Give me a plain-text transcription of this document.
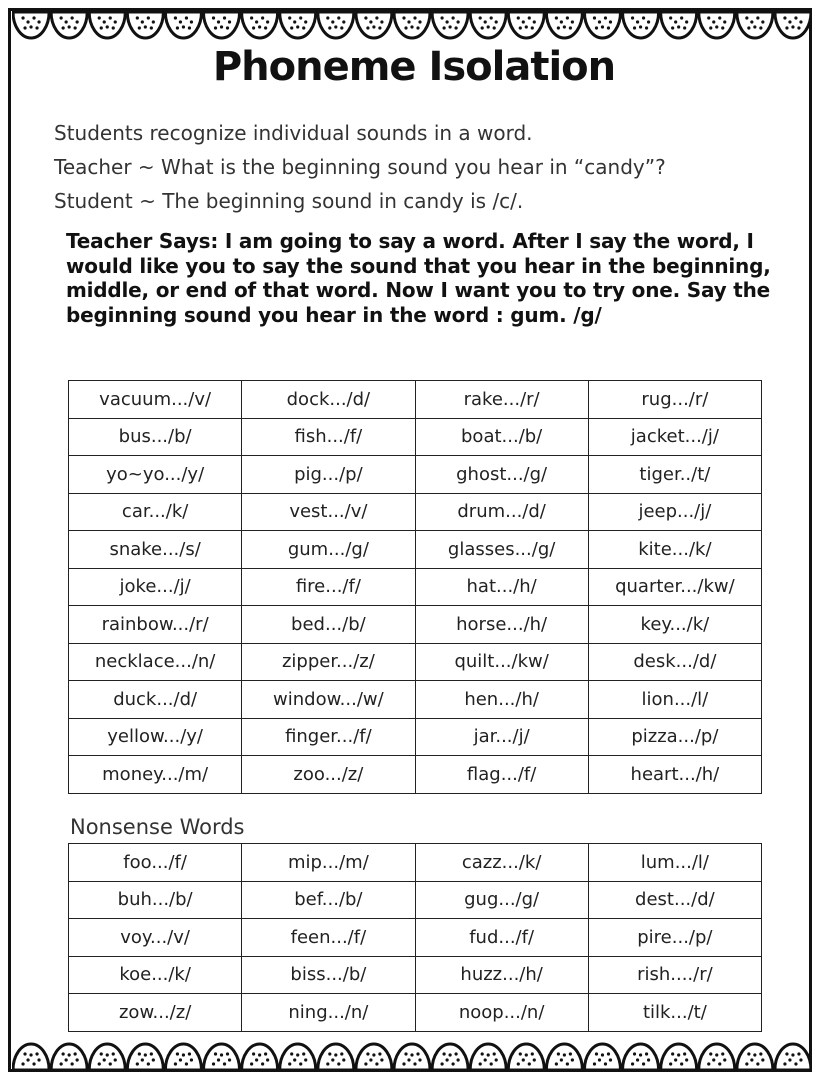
Phoneme Isolation
Students recognize individual sounds in a word.
Teacher ~ What is the beginning sound you hear in “candy”?
Student ~ The beginning sound in candy is /c/.
Teacher Says: I am going to say a word. After I say the word, I would like you to say the sound that you hear in the beginning, middle, or end of that word. Now I want you to try one. Say the beginning sound you hear in the word : gum. /g/
vacuum.../v/	dock.../d/	rake.../r/	rug.../r/
bus.../b/	fish.../f/	boat.../b/	jacket.../j/
yo~yo.../y/	pig.../p/	ghost.../g/	tiger../t/
car.../k/	vest.../v/	drum.../d/	jeep.../j/
snake.../s/	gum.../g/	glasses.../g/	kite.../k/
joke.../j/	fire.../f/	hat.../h/	quarter.../kw/
rainbow.../r/	bed.../b/	horse.../h/	key.../k/
necklace.../n/	zipper.../z/	quilt.../kw/	desk.../d/
duck.../d/	window.../w/	hen.../h/	lion.../l/
yellow.../y/	finger.../f/	jar.../j/	pizza.../p/
money.../m/	zoo.../z/	flag.../f/	heart.../h/
Nonsense Words
foo.../f/	mip.../m/	cazz.../k/	lum.../l/
buh.../b/	bef.../b/	gug.../g/	dest.../d/
voy.../v/	feen.../f/	fud.../f/	pire.../p/
koe.../k/	biss.../b/	huzz.../h/	rish..../r/
zow.../z/	ning.../n/	noop.../n/	tilk.../t/
